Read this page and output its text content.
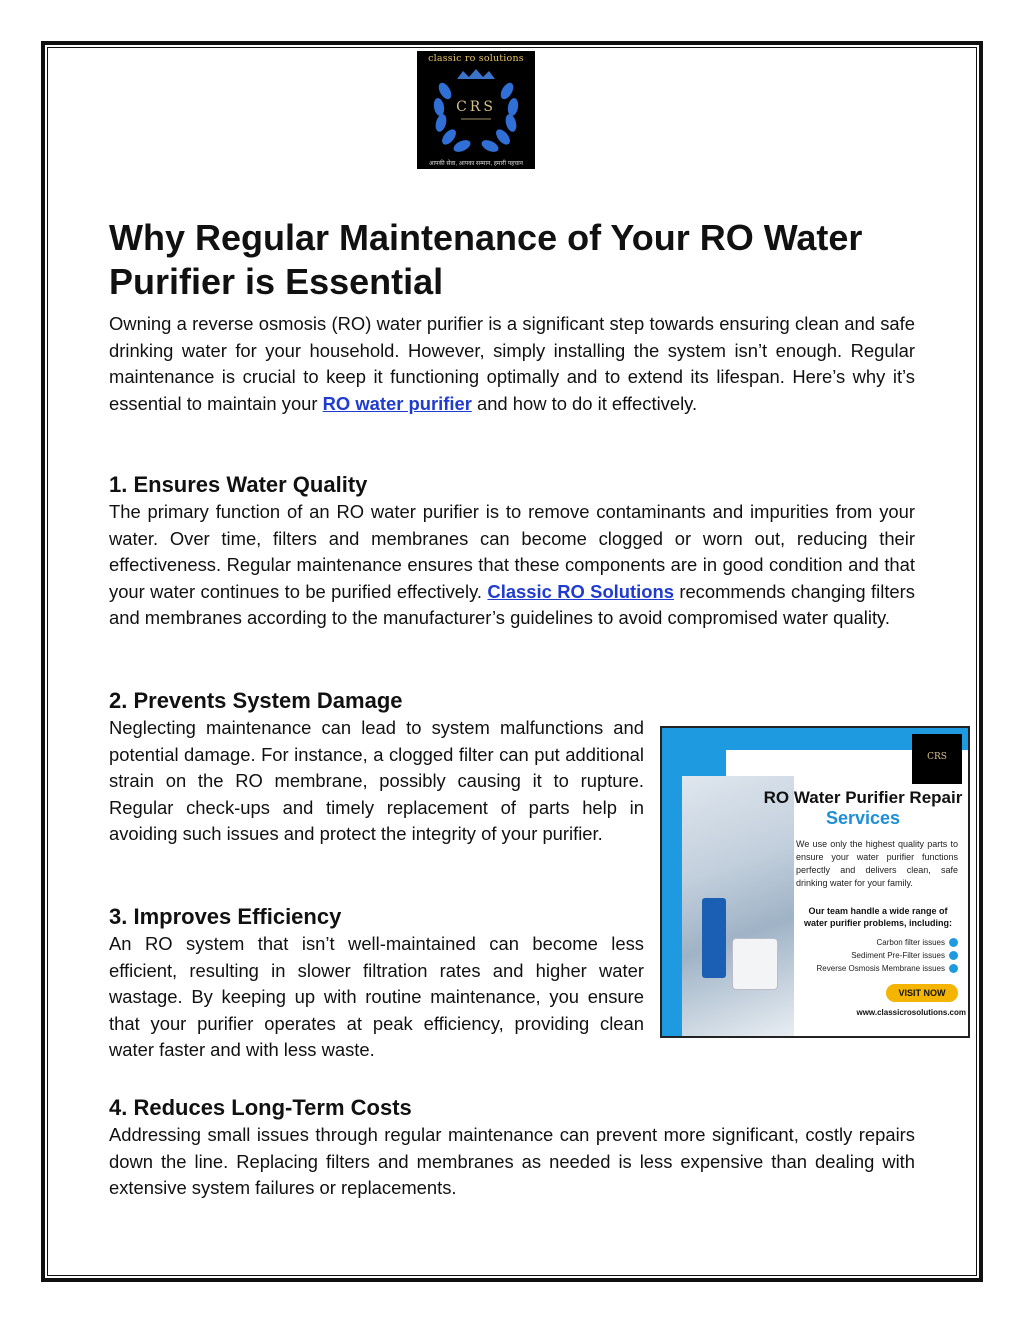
classic ro solutions
CRS
आपकी सेवा, आपका सम्मान, हमारी पहचान
Why Regular Maintenance of Your RO Water Purifier is Essential

Owning a reverse osmosis (RO) water purifier is a significant step towards ensuring clean and safe drinking water for your household. However, simply installing the system isn’t enough. Regular maintenance is crucial to keep it functioning optimally and to extend its lifespan. Here’s why it’s essential to maintain your RO water purifier and how to do it effectively.

1. Ensures Water Quality

The primary function of an RO water purifier is to remove contaminants and impurities from your water. Over time, filters and membranes can become clogged or worn out, reducing their effectiveness. Regular maintenance ensures that these components are in good condition and that your water continues to be purified effectively. Classic RO Solutions recommends changing filters and membranes according to the manufacturer’s guidelines to avoid compromised water quality.

2. Prevents System Damage

Neglecting maintenance can lead to system malfunctions and potential damage. For instance, a clogged filter can put additional strain on the RO membrane, possibly causing it to rupture. Regular check-ups and timely replacement of parts help in avoiding such issues and protect the integrity of your purifier.

3. Improves Efficiency

An RO system that isn’t well-maintained can become less efficient, resulting in slower filtration rates and higher water wastage. By keeping up with routine maintenance, you ensure that your purifier operates at peak efficiency, providing clean water faster and with less waste.

4. Reduces Long-Term Costs

Addressing small issues through regular maintenance can prevent more significant, costly repairs down the line. Replacing filters and membranes as needed is less expensive than dealing with extensive system failures or replacements.

CRS
RO Water Purifier Repair
Services
We use only the highest quality parts to ensure your water purifier functions perfectly and delivers clean, safe drinking water for your family.
Our team handle a wide range of water purifier problems, including:
Carbon filter issues
Sediment Pre-Filter issues
Reverse Osmosis Membrane issues
VISIT NOW
www.classicrosolutions.com
